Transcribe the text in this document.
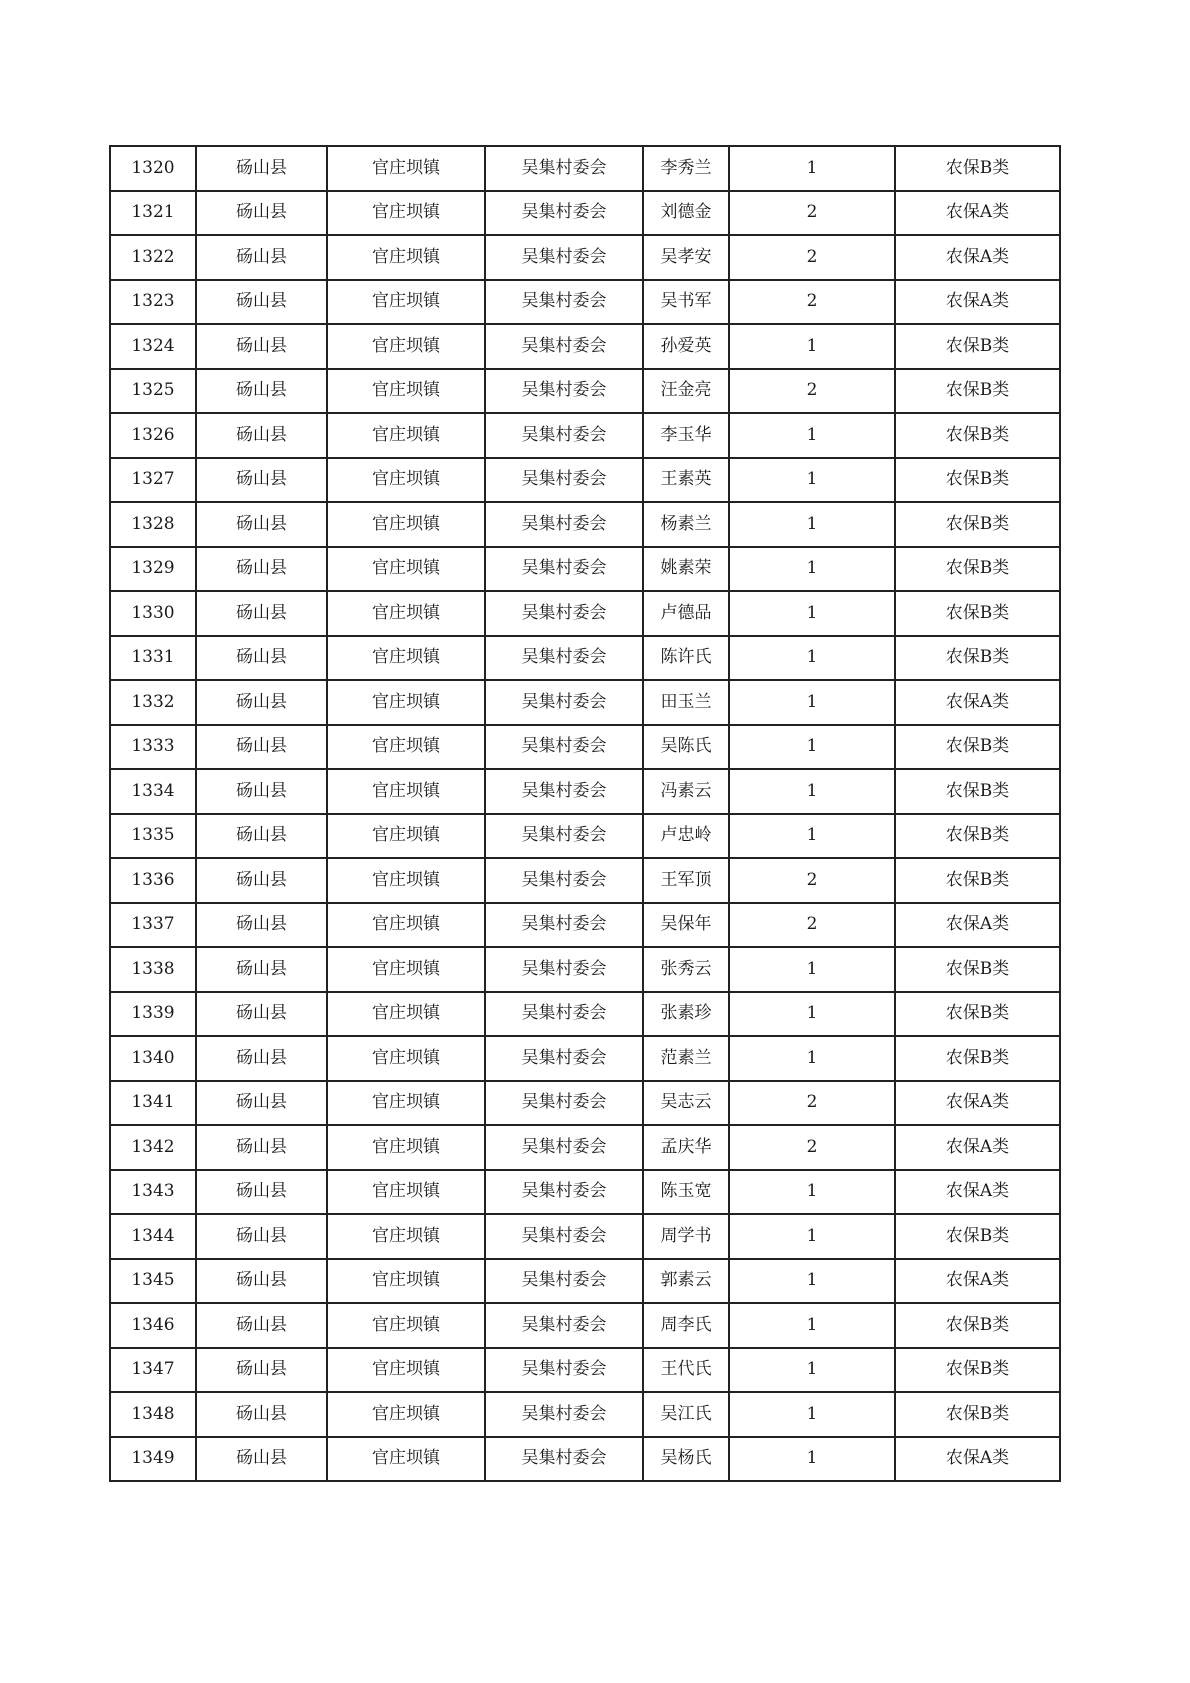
1320	砀山县	官庄坝镇	吴集村委会	李秀兰	1	农保B类
1321	砀山县	官庄坝镇	吴集村委会	刘德金	2	农保A类
1322	砀山县	官庄坝镇	吴集村委会	吴孝安	2	农保A类
1323	砀山县	官庄坝镇	吴集村委会	吴书军	2	农保A类
1324	砀山县	官庄坝镇	吴集村委会	孙爱英	1	农保B类
1325	砀山县	官庄坝镇	吴集村委会	汪金亮	2	农保B类
1326	砀山县	官庄坝镇	吴集村委会	李玉华	1	农保B类
1327	砀山县	官庄坝镇	吴集村委会	王素英	1	农保B类
1328	砀山县	官庄坝镇	吴集村委会	杨素兰	1	农保B类
1329	砀山县	官庄坝镇	吴集村委会	姚素荣	1	农保B类
1330	砀山县	官庄坝镇	吴集村委会	卢德品	1	农保B类
1331	砀山县	官庄坝镇	吴集村委会	陈许氏	1	农保B类
1332	砀山县	官庄坝镇	吴集村委会	田玉兰	1	农保A类
1333	砀山县	官庄坝镇	吴集村委会	吴陈氏	1	农保B类
1334	砀山县	官庄坝镇	吴集村委会	冯素云	1	农保B类
1335	砀山县	官庄坝镇	吴集村委会	卢忠岭	1	农保B类
1336	砀山县	官庄坝镇	吴集村委会	王军顶	2	农保B类
1337	砀山县	官庄坝镇	吴集村委会	吴保年	2	农保A类
1338	砀山县	官庄坝镇	吴集村委会	张秀云	1	农保B类
1339	砀山县	官庄坝镇	吴集村委会	张素珍	1	农保B类
1340	砀山县	官庄坝镇	吴集村委会	范素兰	1	农保B类
1341	砀山县	官庄坝镇	吴集村委会	吴志云	2	农保A类
1342	砀山县	官庄坝镇	吴集村委会	孟庆华	2	农保A类
1343	砀山县	官庄坝镇	吴集村委会	陈玉宽	1	农保A类
1344	砀山县	官庄坝镇	吴集村委会	周学书	1	农保B类
1345	砀山县	官庄坝镇	吴集村委会	郭素云	1	农保A类
1346	砀山县	官庄坝镇	吴集村委会	周李氏	1	农保B类
1347	砀山县	官庄坝镇	吴集村委会	王代氏	1	农保B类
1348	砀山县	官庄坝镇	吴集村委会	吴江氏	1	农保B类
1349	砀山县	官庄坝镇	吴集村委会	吴杨氏	1	农保A类
